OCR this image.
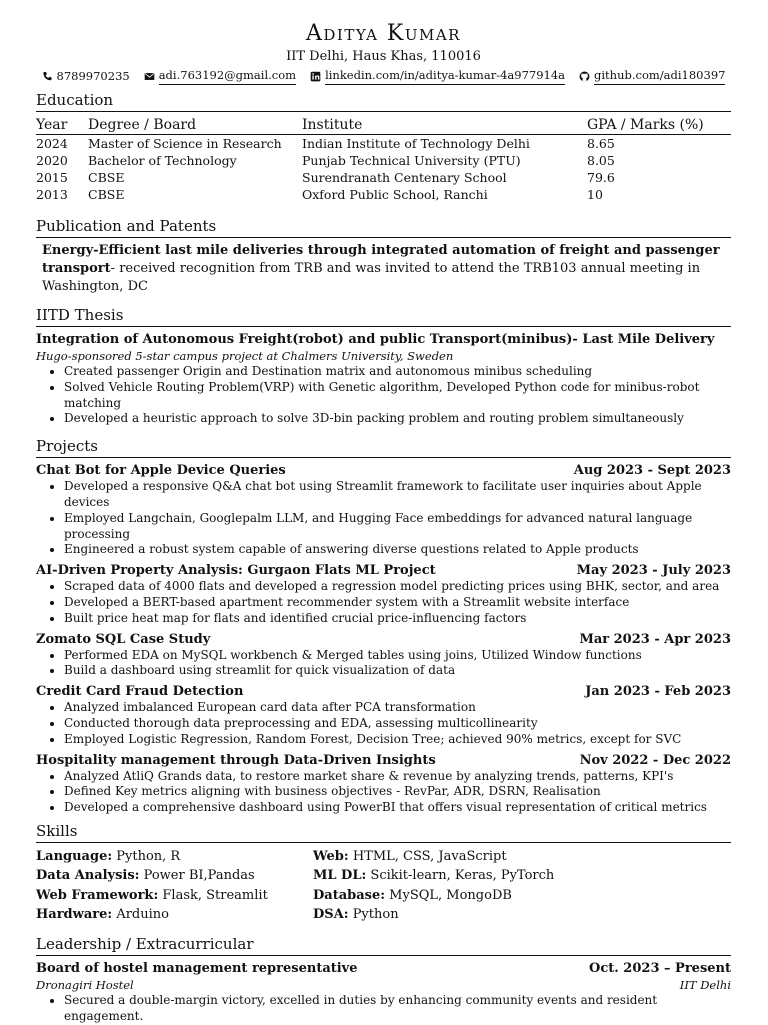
Aditya Kumar
IIT Delhi, Haus Khas, 110016
8789970235	adi.763192@gmail.com	linkedin.com/in/aditya-kumar-4a977914a	github.com/adi180397
Education
Year	Degree / Board	Institute	GPA / Marks (%)
2024	Master of Science in Research	Indian Institute of Technology Delhi	8.65
2020	Bachelor of Technology	Punjab Technical University (PTU)	8.05
2015	CBSE	Surendranath Centenary School	79.6
2013	CBSE	Oxford Public School, Ranchi	10
Publication and Patents
Energy-Efficient last mile deliveries through integrated automation of freight and passenger transport- received recognition from TRB and was invited to attend the TRB103 annual meeting in Washington, DC
IITD Thesis
Integration of Autonomous Freight(robot) and public Transport(minibus)- Last Mile Delivery
Hugo-sponsored 5-star campus project at Chalmers University, Sweden
• Created passenger Origin and Destination matrix and autonomous minibus scheduling
• Solved Vehicle Routing Problem(VRP) with Genetic algorithm, Developed Python code for minibus-robot matching
• Developed a heuristic approach to solve 3D-bin packing problem and routing problem simultaneously
Projects
Chat Bot for Apple Device Queries	Aug 2023 - Sept 2023
• Developed a responsive Q&A chat bot using Streamlit framework to facilitate user inquiries about Apple devices
• Employed Langchain, Googlepalm LLM, and Hugging Face embeddings for advanced natural language processing
• Engineered a robust system capable of answering diverse questions related to Apple products
AI-Driven Property Analysis: Gurgaon Flats ML Project	May 2023 - July 2023
• Scraped data of 4000 flats and developed a regression model predicting prices using BHK, sector, and area
• Developed a BERT-based apartment recommender system with a Streamlit website interface
• Built price heat map for flats and identified crucial price-influencing factors
Zomato SQL Case Study	Mar 2023 - Apr 2023
• Performed EDA on MySQL workbench & Merged tables using joins, Utilized Window functions
• Build a dashboard using streamlit for quick visualization of data
Credit Card Fraud Detection	Jan 2023 - Feb 2023
• Analyzed imbalanced European card data after PCA transformation
• Conducted thorough data preprocessing and EDA, assessing multicollinearity
• Employed Logistic Regression, Random Forest, Decision Tree; achieved 90% metrics, except for SVC
Hospitality management through Data-Driven Insights	Nov 2022 - Dec 2022
• Analyzed AtliQ Grands data, to restore market share & revenue by analyzing trends, patterns, KPI's
• Defined Key metrics aligning with business objectives - RevPar, ADR, DSRN, Realisation
• Developed a comprehensive dashboard using PowerBI that offers visual representation of critical metrics
Skills
Language: Python, R	Web: HTML, CSS, JavaScript
Data Analysis: Power BI,Pandas	ML DL: Scikit-learn, Keras, PyTorch
Web Framework: Flask, Streamlit	Database: MySQL, MongoDB
Hardware: Arduino	DSA: Python
Leadership / Extracurricular
Board of hostel management representative	Oct. 2023 – Present
Dronagiri Hostel	IIT Delhi
• Secured a double-margin victory, excelled in duties by enhancing community events and resident engagement.
